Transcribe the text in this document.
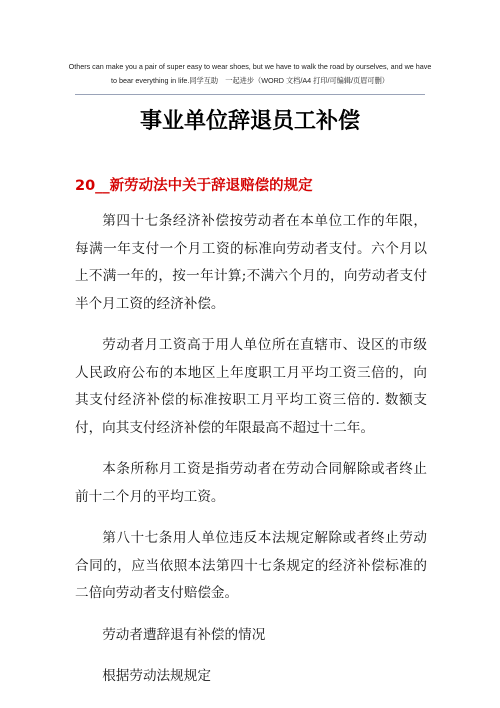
Others can make you a pair of super easy to wear shoes, but we have to walk the road by ourselves, and we have
to bear everything in life.同学互助　一起进步（WORD 文档/A4 打印/可编辑/页眉可删）
事业单位辞退员工补偿
20__新劳动法中关于辞退赔偿的规定

第四十七条经济补偿按劳动者在本单位工作的年限，每满一年支付一个月工资的标准向劳动者支付。六个月以上不满一年的，按一年计算;不满六个月的，向劳动者支付半个月工资的经济补偿。

劳动者月工资高于用人单位所在直辖市、设区的市级人民政府公布的本地区上年度职工月平均工资三倍的，向其支付经济补偿的标准按职工月平均工资三倍的. 数额支付，向其支付经济补偿的年限最高不超过十二年。

本条所称月工资是指劳动者在劳动合同解除或者终止前十二个月的平均工资。

第八十七条用人单位违反本法规定解除或者终止劳动合同的，应当依照本法第四十七条规定的经济补偿标准的二倍向劳动者支付赔偿金。

劳动者遭辞退有补偿的情况

根据劳动法规规定
